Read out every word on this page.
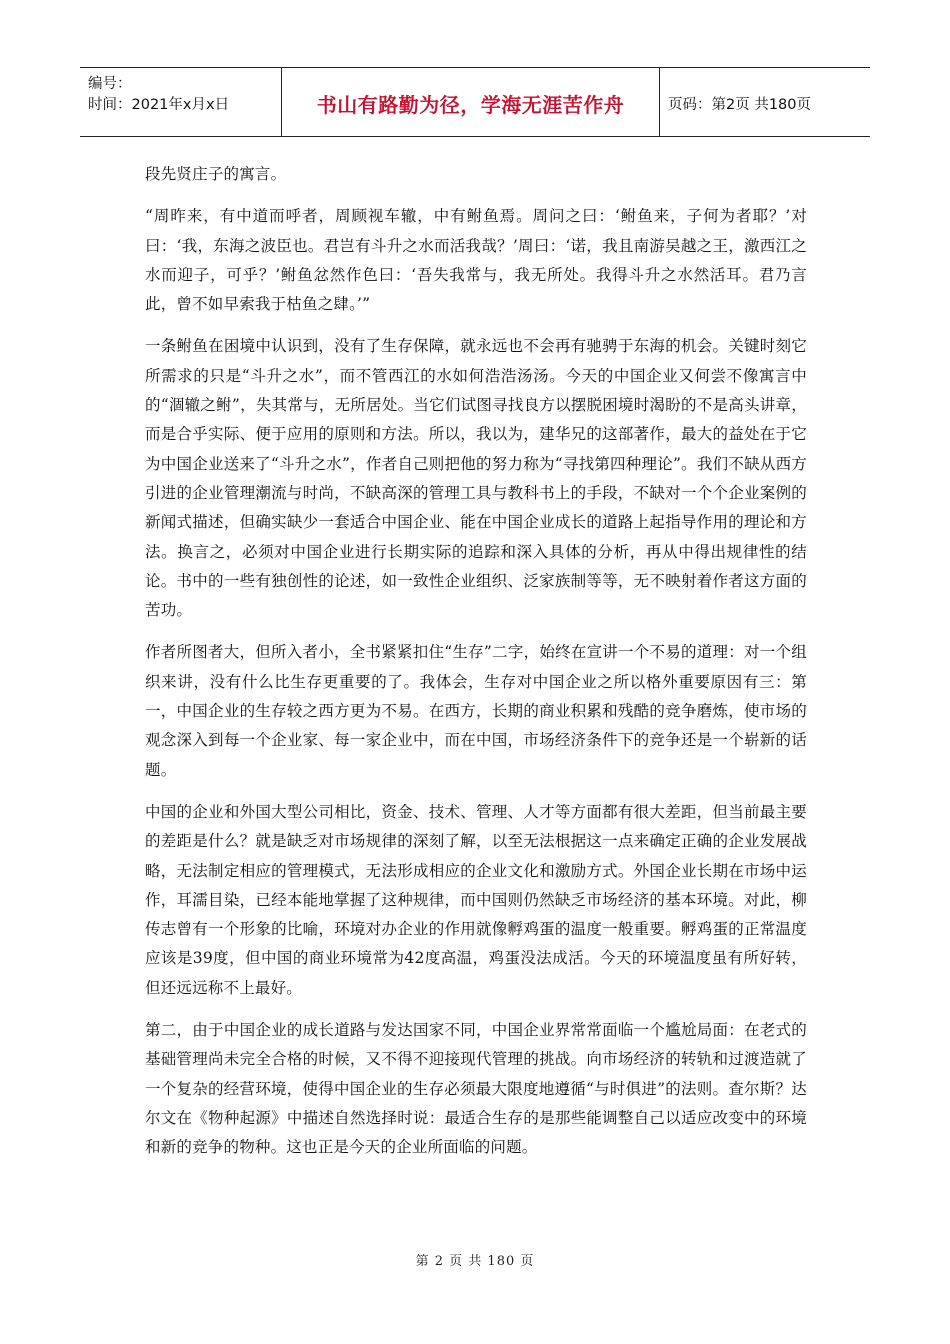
编号：
时间：2021年x月x日	书山有路勤为径，学海无涯苦作舟	页码：第2页 共180页

段先贤庄子的寓言。

“周昨来，有中道而呼者，周顾视车辙，中有鲋鱼焉。周问之曰：‘鲋鱼来，子何为者耶？’对曰：‘我，东海之波臣也。君岂有斗升之水而活我哉？’周曰：‘诺，我且南游吴越之王，激西江之水而迎子，可乎？’鲋鱼忿然作色曰：‘吾失我常与，我无所处。我得斗升之水然活耳。君乃言此，曾不如早索我于枯鱼之肆。’”

一条鲋鱼在困境中认识到，没有了生存保障，就永远也不会再有驰骋于东海的机会。关键时刻它所需求的只是“斗升之水”，而不管西江的水如何浩浩汤汤。今天的中国企业又何尝不像寓言中的“涸辙之鲋”，失其常与，无所居处。当它们试图寻找良方以摆脱困境时渴盼的不是高头讲章，而是合乎实际、便于应用的原则和方法。所以，我以为，建华兄的这部著作，最大的益处在于它为中国企业送来了“斗升之水”，作者自己则把他的努力称为“寻找第四种理论”。我们不缺从西方引进的企业管理潮流与时尚，不缺高深的管理工具与教科书上的手段，不缺对一个个企业案例的新闻式描述，但确实缺少一套适合中国企业、能在中国企业成长的道路上起指导作用的理论和方法。换言之，必须对中国企业进行长期实际的追踪和深入具体的分析，再从中得出规律性的结论。书中的一些有独创性的论述，如一致性企业组织、泛家族制等等，无不映射着作者这方面的苦功。

作者所图者大，但所入者小，全书紧紧扣住“生存”二字，始终在宣讲一个不易的道理：对一个组织来讲，没有什么比生存更重要的了。我体会，生存对中国企业之所以格外重要原因有三：第一，中国企业的生存较之西方更为不易。在西方，长期的商业积累和残酷的竞争磨炼，使市场的观念深入到每一个企业家、每一家企业中，而在中国，市场经济条件下的竞争还是一个崭新的话题。

中国的企业和外国大型公司相比，资金、技术、管理、人才等方面都有很大差距，但当前最主要的差距是什么？就是缺乏对市场规律的深刻了解，以至无法根据这一点来确定正确的企业发展战略，无法制定相应的管理模式，无法形成相应的企业文化和激励方式。外国企业长期在市场中运作，耳濡目染，已经本能地掌握了这种规律，而中国则仍然缺乏市场经济的基本环境。对此，柳传志曾有一个形象的比喻，环境对办企业的作用就像孵鸡蛋的温度一般重要。孵鸡蛋的正常温度应该是39度，但中国的商业环境常为42度高温，鸡蛋没法成活。今天的环境温度虽有所好转，但还远远称不上最好。

第二，由于中国企业的成长道路与发达国家不同，中国企业界常常面临一个尴尬局面：在老式的基础管理尚未完全合格的时候，又不得不迎接现代管理的挑战。向市场经济的转轨和过渡造就了一个复杂的经营环境，使得中国企业的生存必须最大限度地遵循“与时俱进”的法则。查尔斯？达尔文在《物种起源》中描述自然选择时说：最适合生存的是那些能调整自己以适应改变中的环境和新的竞争的物种。这也正是今天的企业所面临的问题。

第 2 页 共 180 页
